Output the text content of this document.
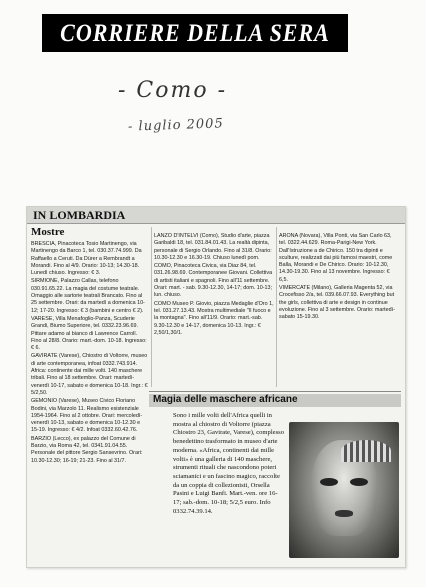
CORRIERE DELLA SERA
- Como -
- luglio 2005
IN LOMBARDIA
Mostre

BRESCIA, Pinacoteca Tosio Martinengo, via Martinengo da Barco 1, tel. 030.37.74.999. Da Raffaello a Ceruti. Da Dürer a Rembrandt a Morandi. Fino al 4/9. Orario: 10-13; 14.30-18. Lunedì chiuso. Ingresso: € 3.

SIRMIONE, Palazzo Callas, telefono 030.91.65.22. La magia del costume teatrale. Omaggio alle sartorie teatrali Brancato. Fino al 25 settembre. Orari: da martedì a domenica 10-12; 17-20. Ingresso: € 3 (bambini e centro € 2).

VARESE, Villa Menafoglio-Panza, Scuderie Grandi, Biumo Superiore, tel. 0332.23.96.69. Pittare adamo al bianco di Lawrence Carroll. Fino al 28/8. Orario: mart.-dom. 10-18. Ingresso: € 6.

GAVIRATE (Varese), Chiostro di Voltorre, museo di arte contemporanea, infoat 0332.743.914. Africa: continente dai mille volti. 140 maschere tribali. Fino al 18 settembre. Orari: martedì-venerdì 10-17, sabato e domenica 10-18. Ingr.: € 5/2,50.

GEMONIO (Varese), Museo Civico Floriano Bodini, via Marzolo 11. Realismo esistenziale 1954-1964. Fino al 2 ottobre. Orari: mercoledì-venerdì 10-13, sabato e domenica 10-12.30 e 15-19. Ingresso: € 4/2. Infoat 0332.60.42.76.

BARZIO (Lecco), ex palazzo del Comune di Barzio, via Roma 42, tel. 0341.91.04.55. Personale del pittore Sergio Sansevrino. Orari: 10.30-12.30; 16-19; 21-23. Fino al 31/7.

LANZO D'INTELVI (Como), Studio d'arte, piazza Garibaldi 18, tel. 031.84.01.43. La realtà dipinta, personale di Sergio Orlando. Fino al 31/8. Orario: 10.30-12.30 e 16.30-19. Chiuso lunedì pom.

COMO, Pinacoteca Civica, via Diaz 84, tel. 031.26.98.69. Contemporanee Giovani. Collettiva di artisti italiani e spagnoli. Fino all'11 settembre. Orari: mart. - sab. 9.30-12.30, 14-17; dom. 10-13; lun. chiuso.

COMO Museo P. Giovio, piazza Medaglie d'Oro 1, tel. 031.27.13.43. Mostra multimediale "Il fuoco e la montagna". Fino all'11/9. Orario: mart.-sab. 9.30-12.30 e 14-17, domenica 10-13. Ingr.: € 2,50/1,30/1.

ARONA (Novara), Villa Ponti, via San Carlo 63, tel. 0322.44.629. Roma-Parigi-New York. Dall'Istruzione a de Chirico. 150 tra dipinti e sculture, realizzati dai più famosi maestri, come Balla, Morandi e De Chirico. Orario: 10-12.30, 14.30-19.30. Fino al 13 novembre. Ingresso: € 6,5.

VIMERCATE (Milano), Galleria Magenta 52, via Crocefisso 2/a, tel. 039.66.07.93. Everything but the girls, collettiva di arte e design in continue evoluzione. Fino al 3 settembre. Orario: martedì-sabato 15-19.30.

Magia delle maschere africane
Sono i mille volti dell'Africa quelli in mostra al chiostro di Voltorre (piazza Chiostro 23, Gavirate, Varese), complesso benedettino trasformato in museo d'arte moderna. «Africa, continenti dai mille volti» è una galleria di 140 maschere, strumenti rituali che nascondono poteri sciamanici e un fascino magico, raccolte da un coppia di collezionisti, Orsella Pasini e Luigi Banfi. Mart.-ven. ore 16-17; sab.-dom. 10-18; 5/2,5 euro. Info 0332.74.39.14.
